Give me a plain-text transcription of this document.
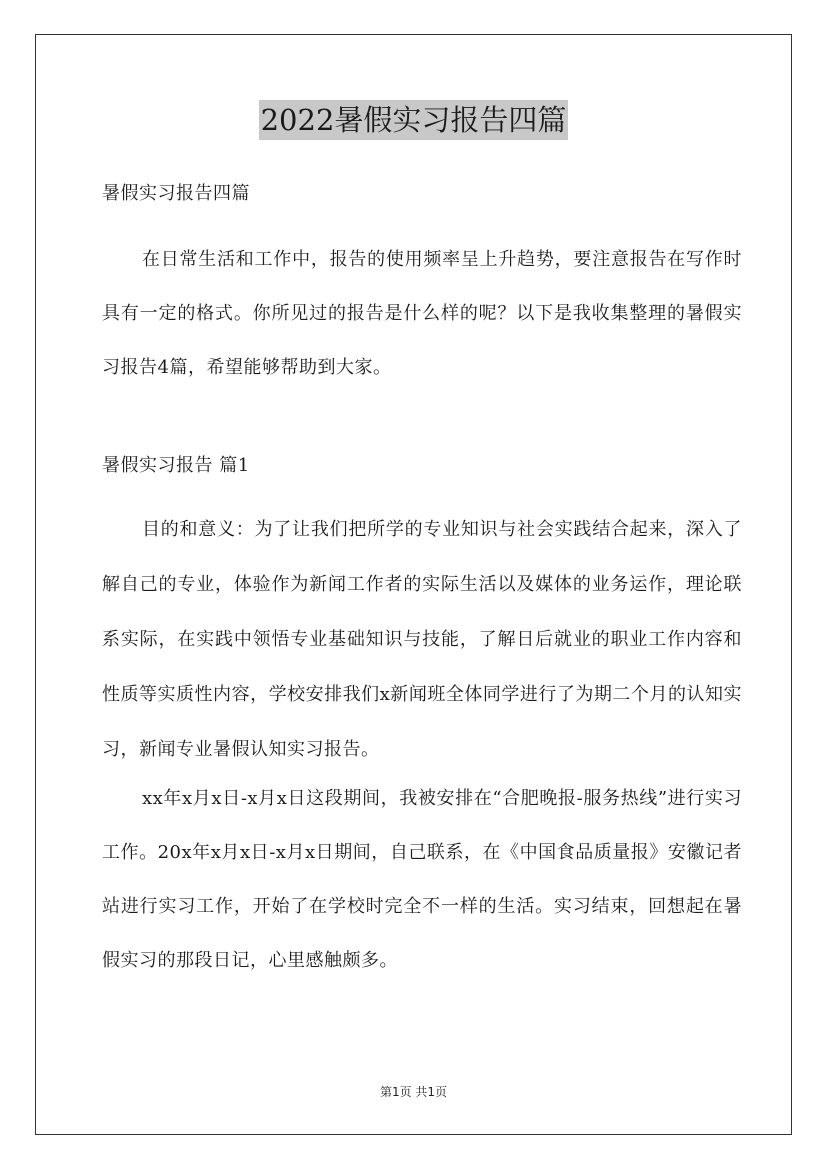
2022暑假实习报告四篇
暑假实习报告四篇
在日常生活和工作中，报告的使用频率呈上升趋势，要注意报告在写作时具有一定的格式。你所见过的报告是什么样的呢？以下是我收集整理的暑假实习报告4篇，希望能够帮助到大家。
暑假实习报告 篇1
目的和意义：为了让我们把所学的专业知识与社会实践结合起来，深入了解自己的专业，体验作为新闻工作者的实际生活以及媒体的业务运作，理论联系实际，在实践中领悟专业基础知识与技能，了解日后就业的职业工作内容和性质等实质性内容，学校安排我们x新闻班全体同学进行了为期二个月的认知实习，新闻专业暑假认知实习报告。
xx年x月x日-x月x日这段期间，我被安排在“合肥晚报-服务热线”进行实习工作。20x年x月x日-x月x日期间，自己联系，在《中国食品质量报》安徽记者站进行实习工作，开始了在学校时完全不一样的生活。实习结束，回想起在暑假实习的那段日记，心里感触颇多。
第1页 共1页
